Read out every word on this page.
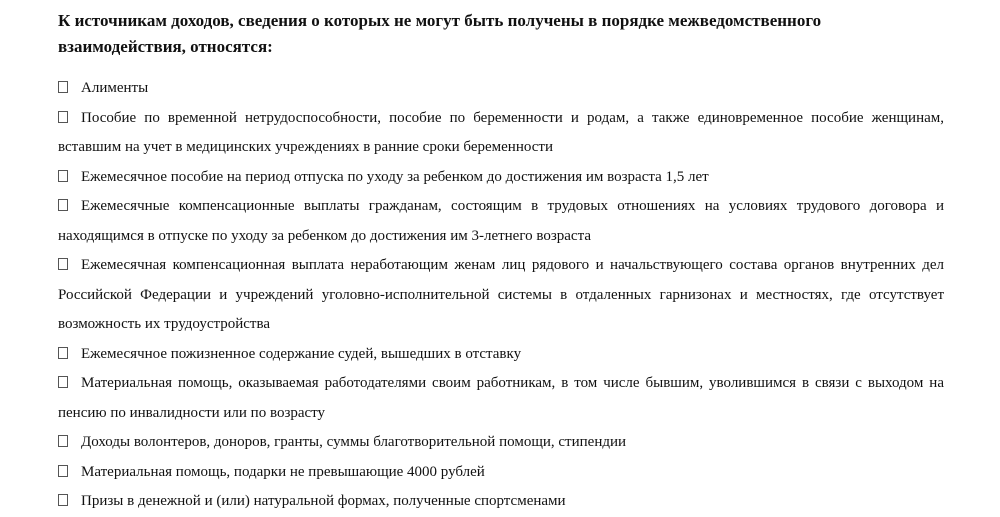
К источникам доходов, сведения о которых не могут быть получены в порядке межведомственного взаимодействия, относятся:
Алименты
Пособие по временной нетрудоспособности, пособие по беременности и родам, а также единовременное пособие женщинам, вставшим на учет в медицинских учреждениях в ранние сроки беременности
Ежемесячное пособие на период отпуска по уходу за ребенком до достижения им возраста 1,5 лет
Ежемесячные компенсационные выплаты гражданам, состоящим в трудовых отношениях на условиях трудового договора и находящимся в отпуске по уходу за ребенком до достижения им 3-летнего возраста
Ежемесячная компенсационная выплата неработающим женам лиц рядового и начальствующего состава органов внутренних дел Российской Федерации и учреждений уголовно-исполнительной системы в отдаленных гарнизонах и местностях, где отсутствует возможность их трудоустройства
Ежемесячное пожизненное содержание судей, вышедших в отставку
Материальная помощь, оказываемая работодателями своим работникам, в том числе бывшим, уволившимся в связи с выходом на пенсию по инвалидности или по возрасту
Доходы волонтеров, доноров, гранты, суммы благотворительной помощи, стипендии
Материальная помощь, подарки не превышающие 4000 рублей
Призы в денежной и (или) натуральной формах, полученные спортсменами
